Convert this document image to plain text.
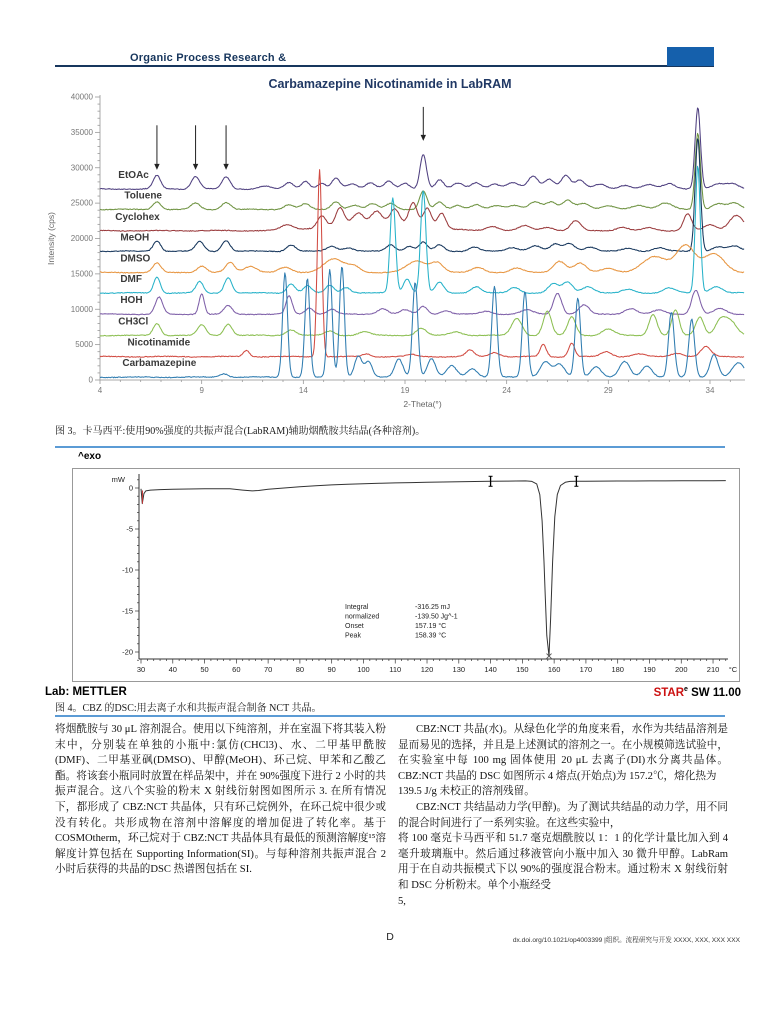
Organic Process Research &
Carbamazepine Nicotinamide in LabRAM
0
5000
10000
15000
20000
25000
30000
35000
40000
4	9	14	19	24	29	34
2-Theta(°)
Intensity (cps)
EtOAc
Toluene
Cyclohex
MeOH
DMSO
DMF
HOH
CH3Cl
Nicotinamide
Carbamazepine
图 3。卡马西平:使用90%强度的共振声混合(LabRAM)辅助烟酰胺共结晶(各种溶剂)。
^exo
mW
0
-5
-10
-15
-20
30	40	50	60	70	80	90	100	110	120	130	140	150	160	170	180	190	200	210 °C
Integral	-316.25 mJ
normalized	-139.50 Jg^-1
Onset	157.19 °C
Peak	158.39 °C
Lab: METTLER	STAR$^e$ SW 11.00
图 4。CBZ 的DSC:用去离子水和共振声混合制备 NCT 共晶。

将烟酰胺与 30 μL 溶剂混合。使用以下纯溶剂，并在室温下将其装入粉末中，分别装在单独的小瓶中:氯仿(CHCl3)、水、二甲基甲酰胺(DMF)、二甲基亚砜(DMSO)、甲醇(MeOH)、环己烷、甲苯和乙酸乙酯。将该套小瓶同时放置在样品架中，并在 90%强度下进行 2 小时的共振声混合。这八个实验的粉末 X 射线衍射图如图所示 3. 在所有情况下，都形成了 CBZ:NCT 共晶体，只有环己烷例外，在环己烷中很少或没有转化。共形成物在溶剂中溶解度的增加促进了转化率。基于 COSMOtherm，环己烷对于 CBZ:NCT 共晶体具有最低的预测溶解度¹⁵溶解度计算包括在 Supporting Information(SI)。与每种溶剂共振声混合 2 小时后获得的共晶的DSC 热谱图包括在 SI.

CBZ:NCT 共晶(水)。从绿色化学的角度来看，水作为共结晶溶剂是显而易见的选择，并且是上述测试的溶剂之一。在小规模筛选试验中，在实验室中每 100 mg 固体使用 20 μL 去离子(DI)水分离共晶体。CBZ:NCT 共晶的 DSC 如图所示 4 熔点(开始点)为 157.2℃，熔化热为

139.5 J/g 未校正的溶剂残留。

CBZ:NCT 共结晶动力学(甲醇)。为了测试共结晶的动力学，用不同的混合时间进行了一系列实验。在这些实验中，

将 100 毫克卡马西平和 51.7 毫克烟酰胺以 1：1 的化学计量比加入到 4 毫升玻璃瓶中。然后通过移液管向小瓶中加入 30 微升甲醇。LabRam 用于在自动共振模式下以 90%的强度混合粉末。通过粉末 X 射线衍射和 DSC 分析粉末。单个小瓶经受

5,

D	dx.doi.org/10.1021/op4003399 |组织。流程研究与开发 XXXX, XXX, XXX XXX
